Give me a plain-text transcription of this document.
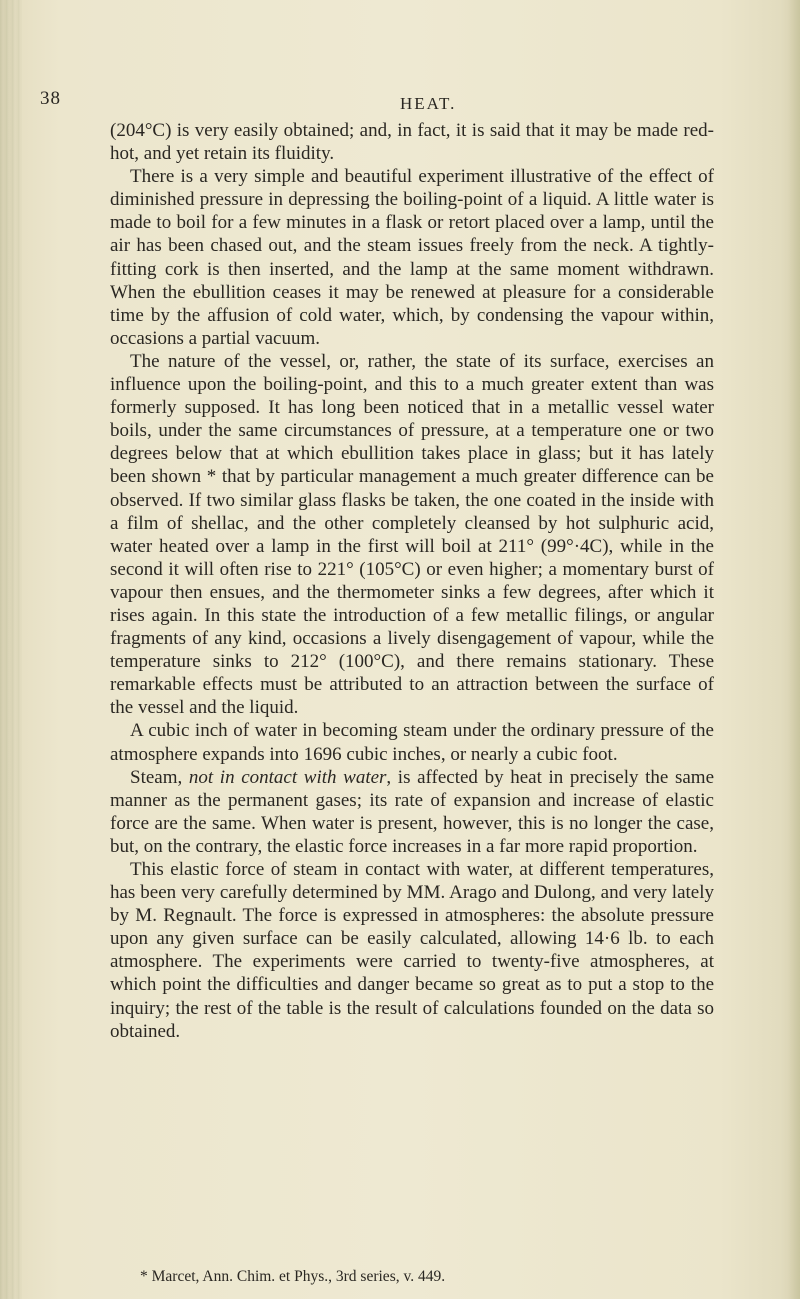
38	HEAT.

(204°C) is very easily obtained; and, in fact, it is said that it may be made red-hot, and yet retain its fluidity.

There is a very simple and beautiful experiment illustrative of the effect of diminished pressure in depressing the boiling-point of a liquid. A little water is made to boil for a few minutes in a flask or retort placed over a lamp, until the air has been chased out, and the steam issues freely from the neck. A tightly-fitting cork is then inserted, and the lamp at the same moment withdrawn. When the ebullition ceases it may be renewed at pleasure for a considerable time by the affusion of cold water, which, by condensing the vapour within, occasions a partial vacuum.

The nature of the vessel, or, rather, the state of its surface, exercises an influence upon the boiling-point, and this to a much greater extent than was formerly supposed. It has long been noticed that in a metallic vessel water boils, under the same circumstances of pressure, at a temperature one or two degrees below that at which ebullition takes place in glass; but it has lately been shown * that by particular management a much greater difference can be observed. If two similar glass flasks be taken, the one coated in the inside with a film of shellac, and the other completely cleansed by hot sulphuric acid, water heated over a lamp in the first will boil at 211° (99°·4C), while in the second it will often rise to 221° (105°C) or even higher; a momentary burst of vapour then ensues, and the thermometer sinks a few degrees, after which it rises again. In this state the introduction of a few metallic filings, or angular fragments of any kind, occasions a lively disengagement of vapour, while the temperature sinks to 212° (100°C), and there remains stationary. These remarkable effects must be attributed to an attraction between the surface of the vessel and the liquid.

A cubic inch of water in becoming steam under the ordinary pressure of the atmosphere expands into 1696 cubic inches, or nearly a cubic foot.

Steam, not in contact with water, is affected by heat in precisely the same manner as the permanent gases; its rate of expansion and increase of elastic force are the same. When water is present, however, this is no longer the case, but, on the contrary, the elastic force increases in a far more rapid proportion.

This elastic force of steam in contact with water, at different temperatures, has been very carefully determined by MM. Arago and Dulong, and very lately by M. Regnault. The force is expressed in atmospheres: the absolute pressure upon any given surface can be easily calculated, allowing 14·6 lb. to each atmosphere. The experiments were carried to twenty-five atmospheres, at which point the difficulties and danger became so great as to put a stop to the inquiry; the rest of the table is the result of calculations founded on the data so obtained.

* Marcet, Ann. Chim. et Phys., 3rd series, v. 449.
